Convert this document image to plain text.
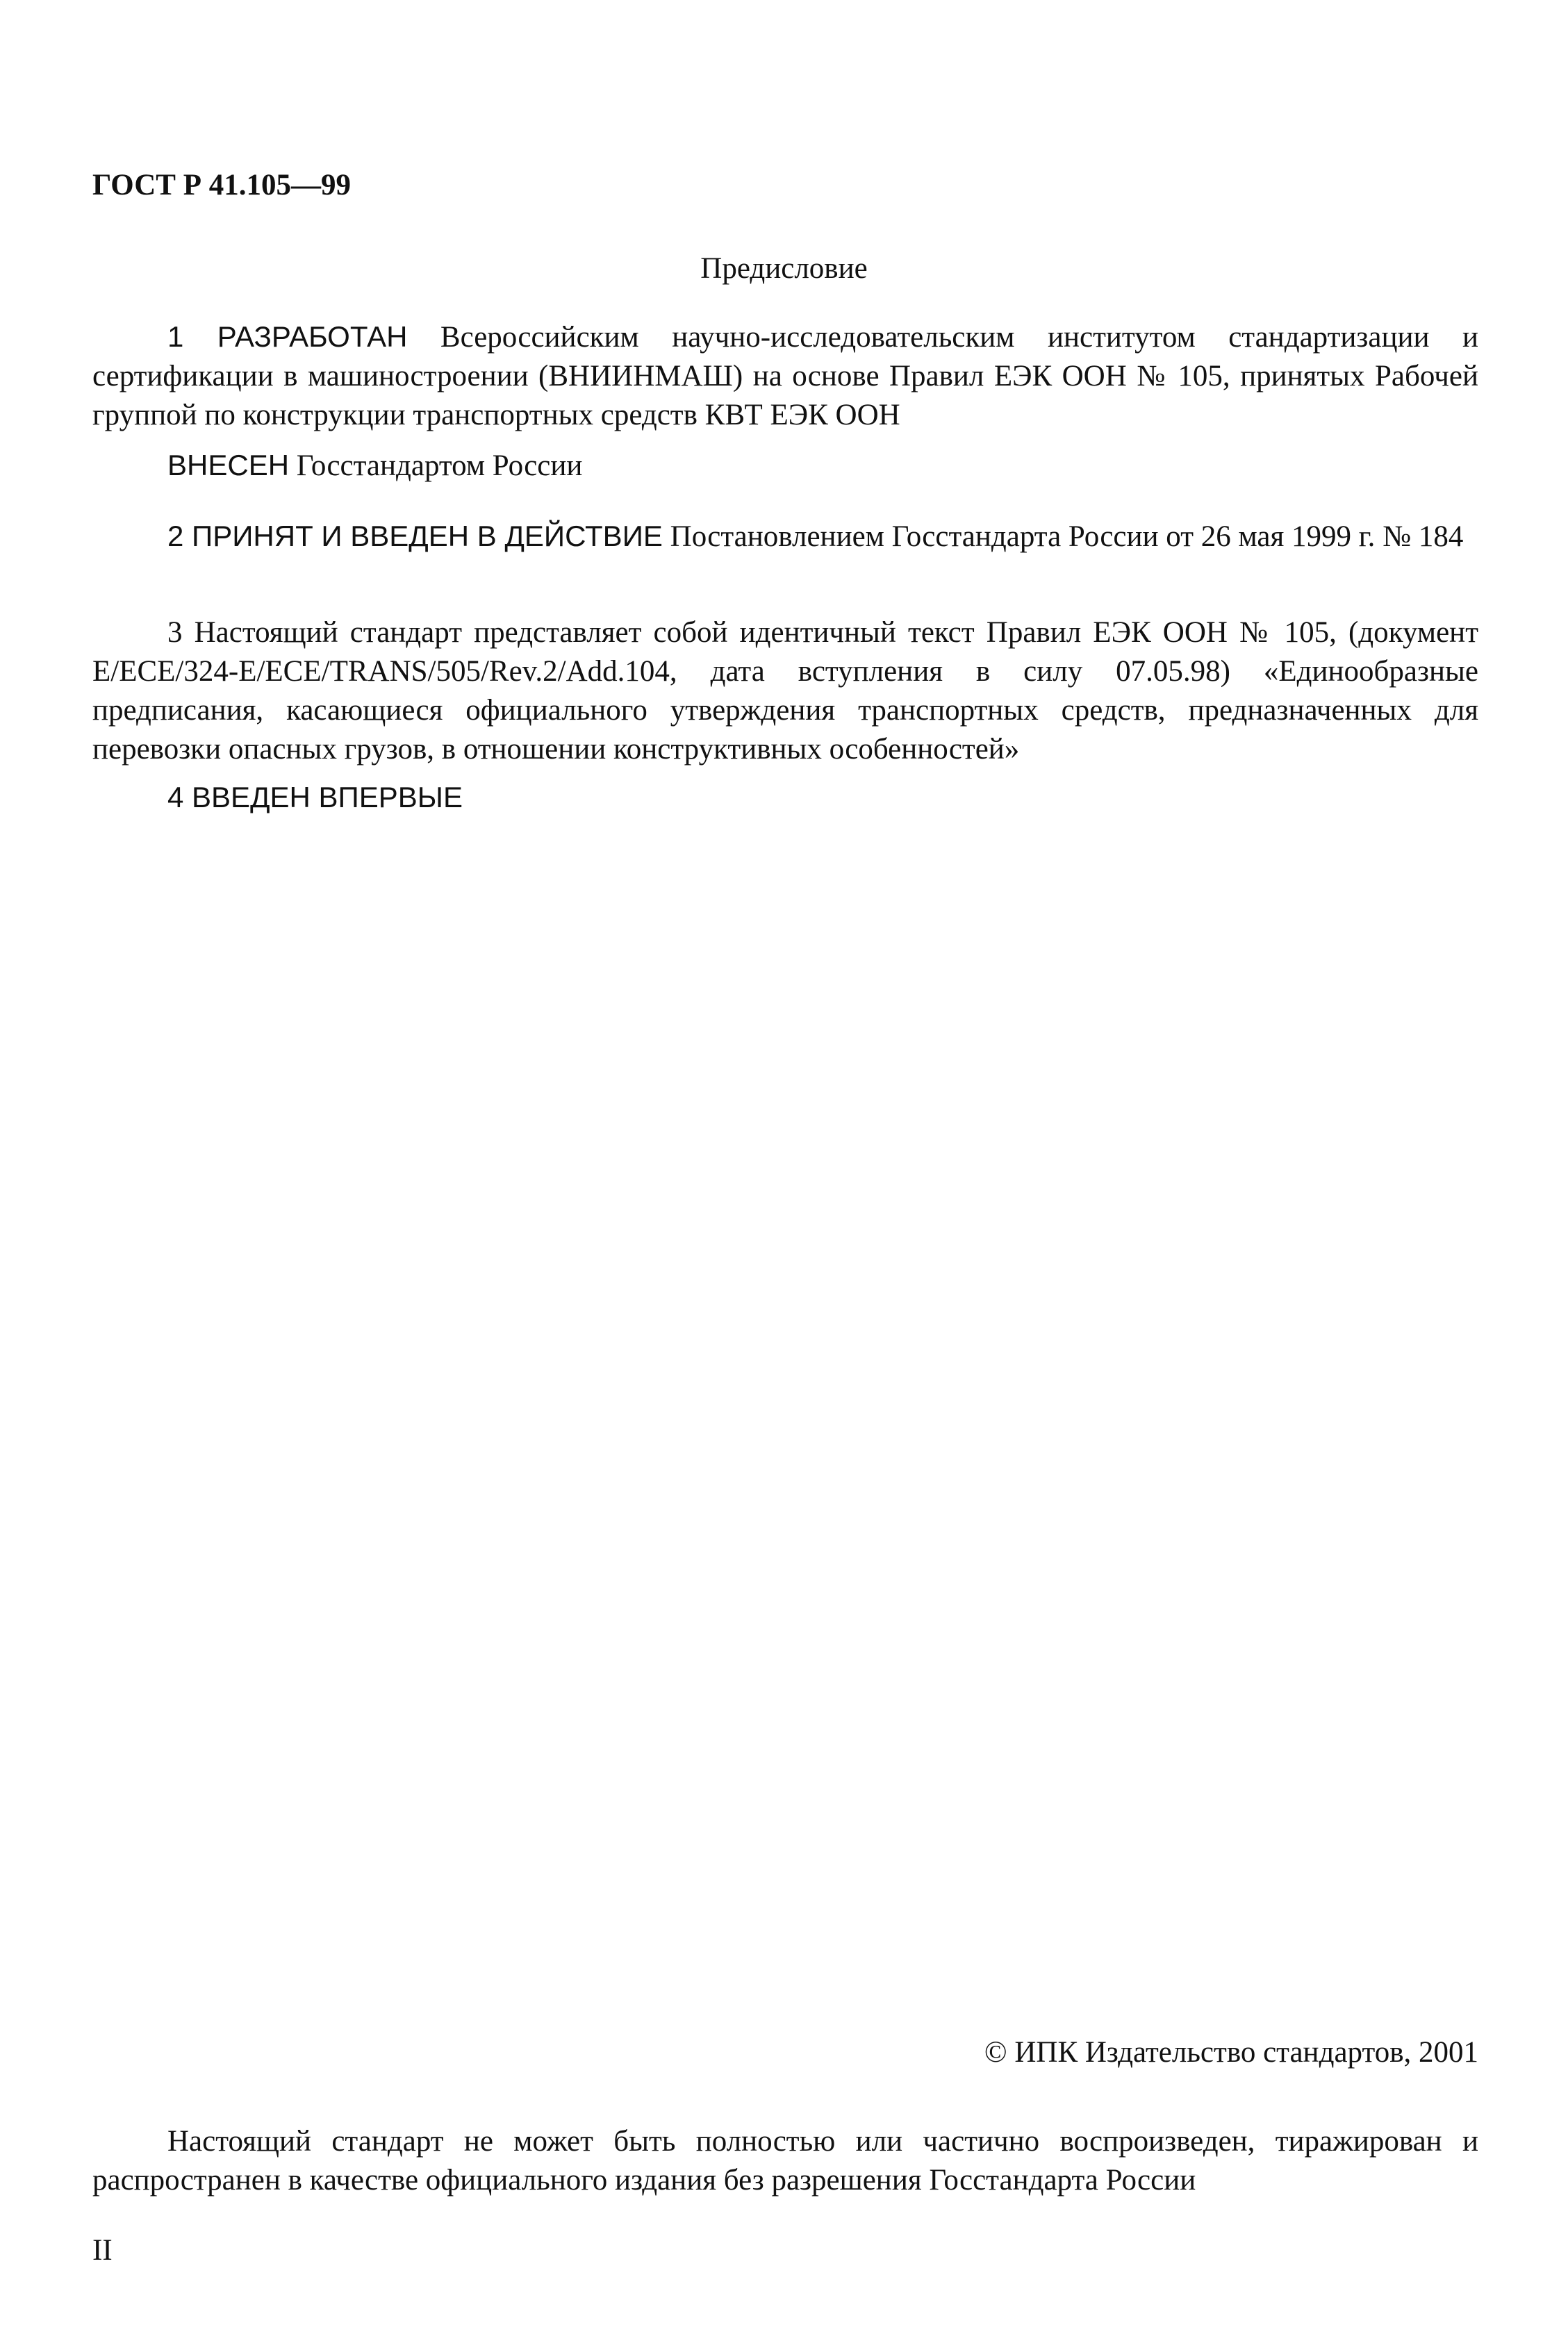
ГОСТ Р 41.105—99
Предисловие
1 РАЗРАБОТАН Всероссийским научно-исследовательским институтом стандартизации и сертификации в машиностроении (ВНИИНМАШ) на основе Правил ЕЭК ООН № 105, принятых Рабочей группой по конструкции транспортных средств КВТ ЕЭК ООН
ВНЕСЕН Госстандартом России
2 ПРИНЯТ И ВВЕДЕН В ДЕЙСТВИЕ Постановлением Госстандарта России от 26 мая 1999 г. № 184
3 Настоящий стандарт представляет собой идентичный текст Правил ЕЭК ООН № 105, (документ E/ECE/324-E/ECE/TRANS/505/Rev.2/Add.104, дата вступления в силу 07.05.98) «Единообразные предписания, касающиеся официального утверждения транспортных средств, предназначенных для перевозки опасных грузов, в отношении конструктивных особенностей»
4 ВВЕДЕН ВПЕРВЫЕ
© ИПК Издательство стандартов, 2001
Настоящий стандарт не может быть полностью или частично воспроизведен, тиражирован и распространен в качестве официального издания без разрешения Госстандарта России
II
